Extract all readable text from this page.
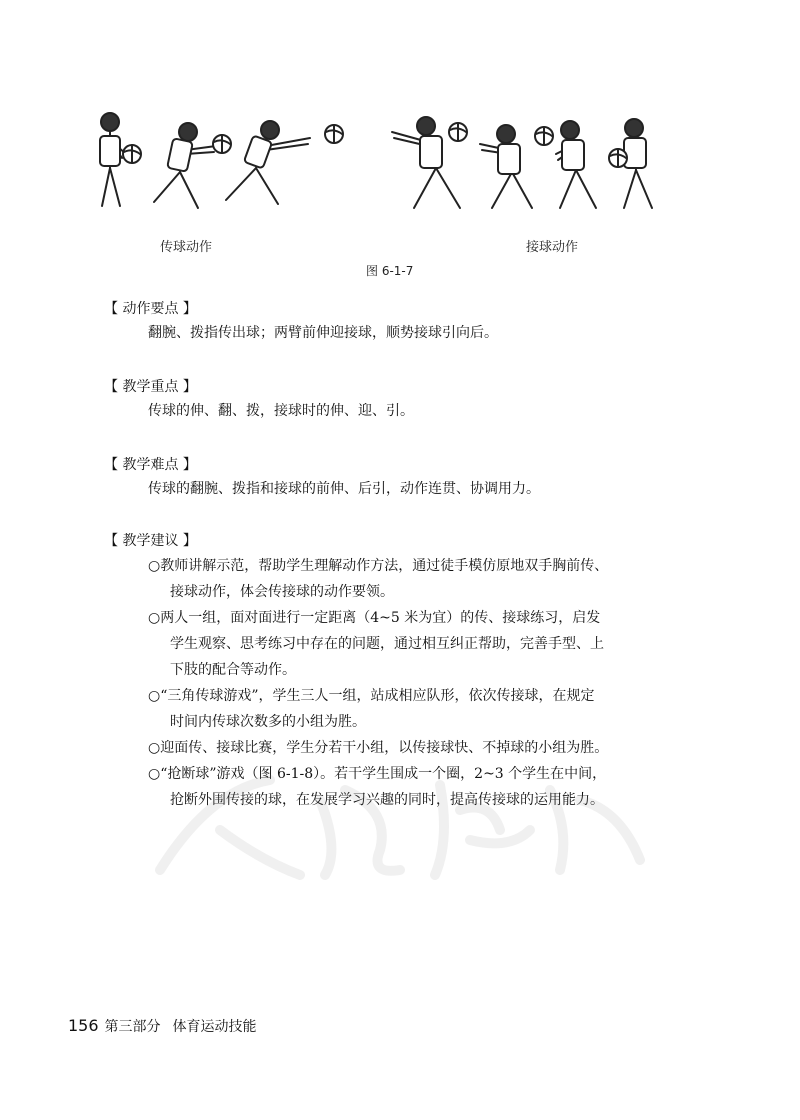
传球动作	接球动作
图 6-1-7
【 动作要点 】
翻腕、拨指传出球；两臂前伸迎接球，顺势接球引向后。
【 教学重点 】
传球的伸、翻、拨，接球时的伸、迎、引。
【 教学难点 】
传球的翻腕、拨指和接球的前伸、后引，动作连贯、协调用力。
【 教学建议 】
○教师讲解示范，帮助学生理解动作方法，通过徒手模仿原地双手胸前传、
接球动作，体会传接球的动作要领。
○两人一组，面对面进行一定距离（4~5 米为宜）的传、接球练习，启发
学生观察、思考练习中存在的问题，通过相互纠正帮助，完善手型、上
下肢的配合等动作。
○“三角传球游戏”，学生三人一组，站成相应队形，依次传接球，在规定
时间内传球次数多的小组为胜。
○迎面传、接球比赛，学生分若干小组，以传接球快、不掉球的小组为胜。
○“抢断球”游戏（图 6-1-8）。若干学生围成一个圈，2~3 个学生在中间，
抢断外围传接的球，在发展学习兴趣的同时，提高传接球的运用能力。
156 第三部分 体育运动技能
